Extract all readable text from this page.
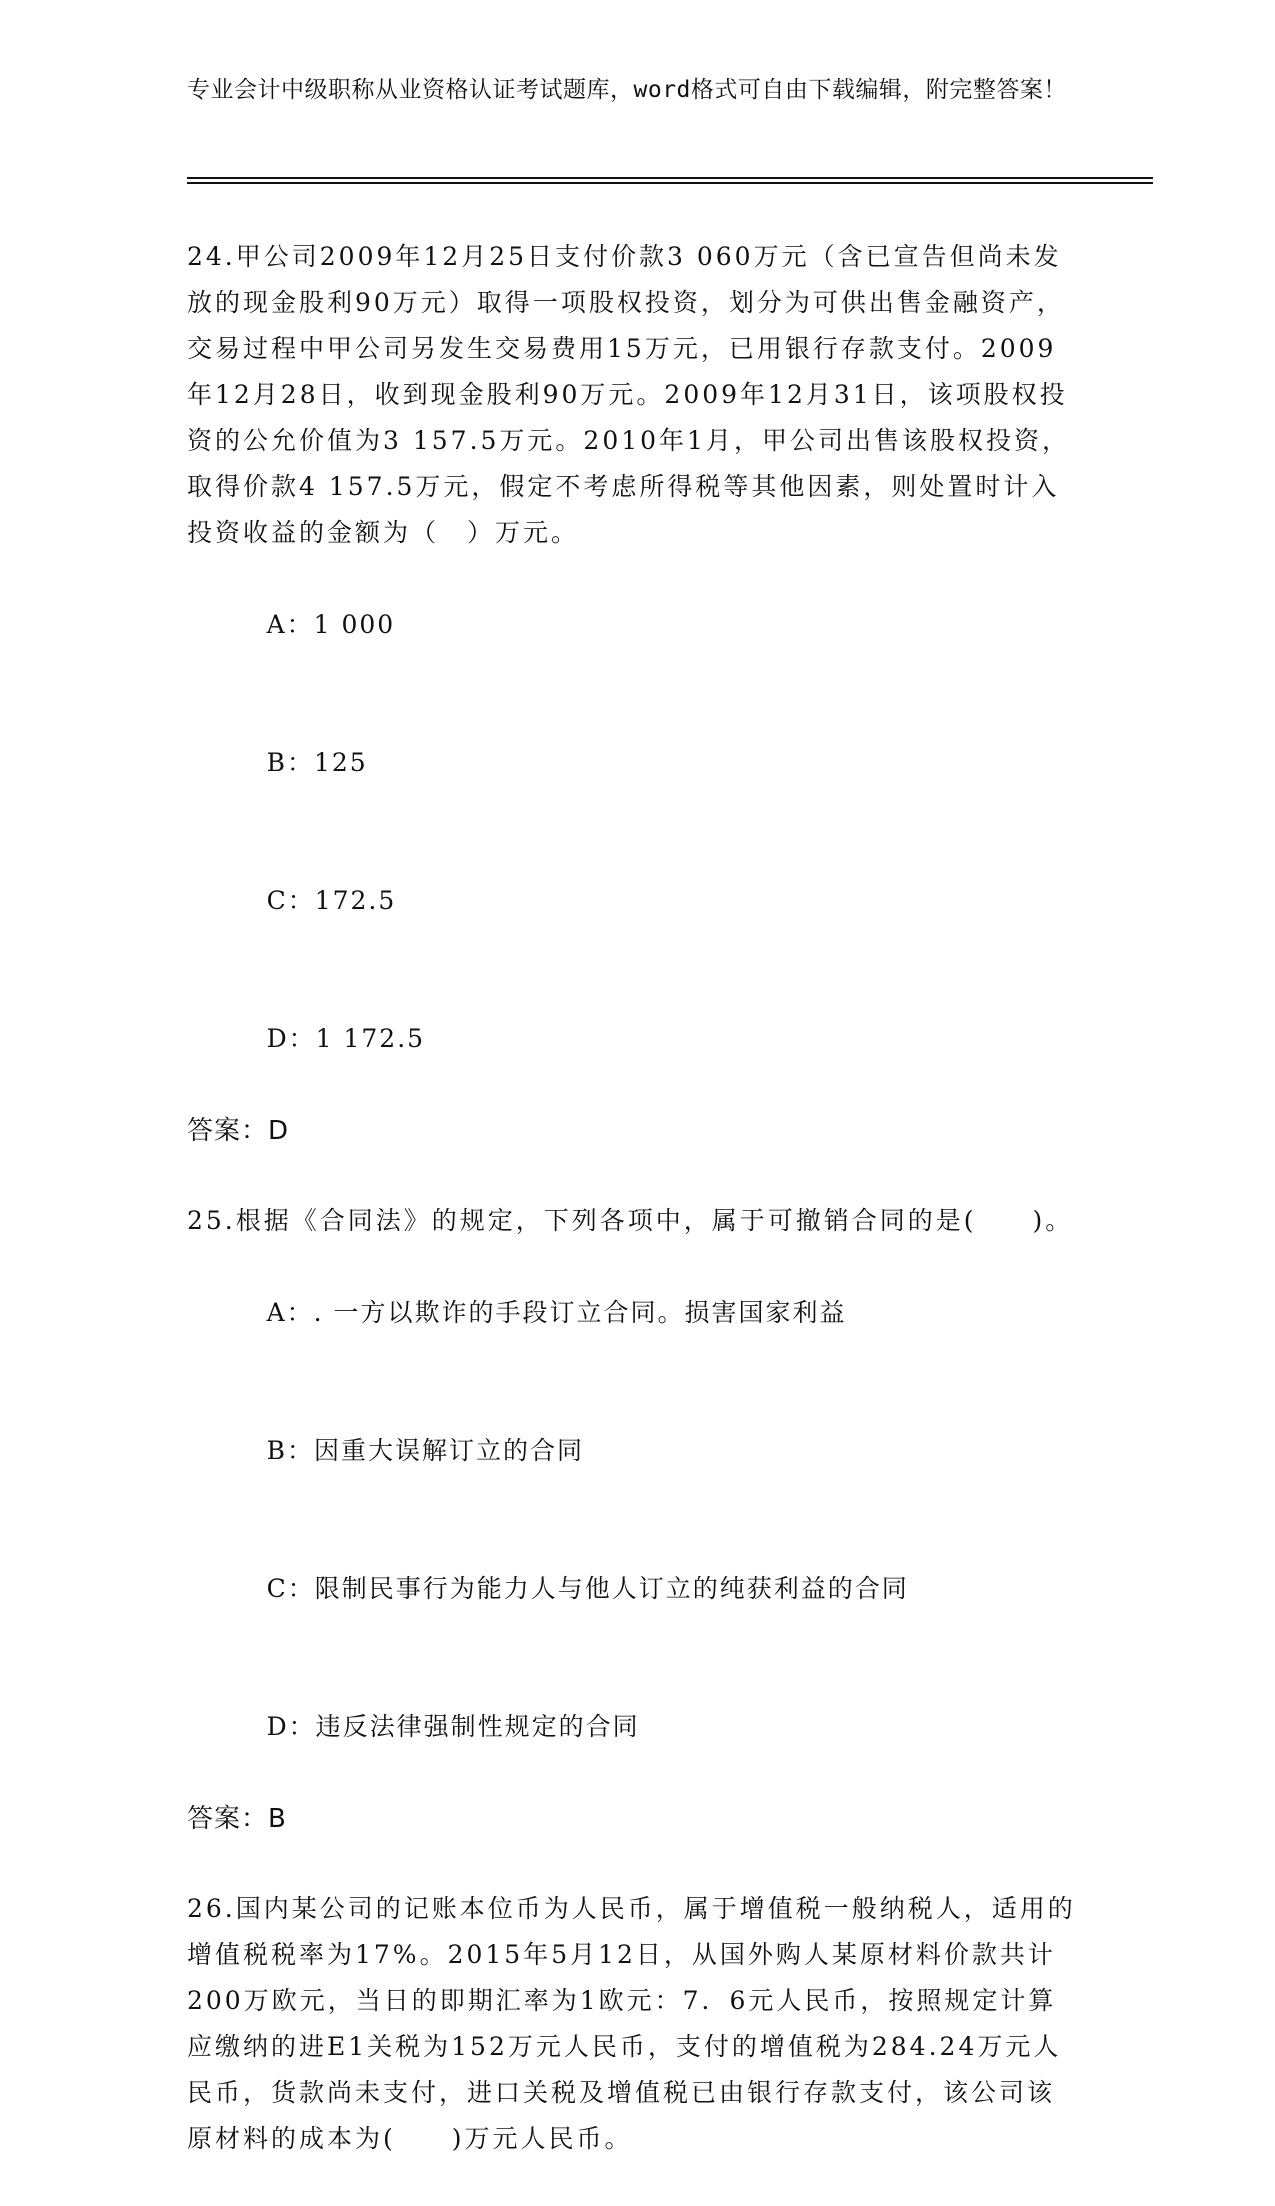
专业会计中级职称从业资格认证考试题库，word格式可自由下载编辑，附完整答案！
24.甲公司2009年12月25日支付价款3 060万元（含已宣告但尚未发放的现金股利90万元）取得一项股权投资，划分为可供出售金融资产，交易过程中甲公司另发生交易费用15万元，已用银行存款支付。2009年12月28日，收到现金股利90万元。2009年12月31日，该项股权投资的公允价值为3 157.5万元。2010年1月，甲公司出售该股权投资，取得价款4 157.5万元，假定不考虑所得税等其他因素，则处置时计入投资收益的金额为（　）万元。

A：1 000

B：125

C：172.5

D：1 172.5

答案：D
25.根据《合同法》的规定，下列各项中，属于可撤销合同的是(　　)。

A：. 一方以欺诈的手段订立合同。损害国家利益

B：因重大误解订立的合同

C：限制民事行为能力人与他人订立的纯获利益的合同

D：违反法律强制性规定的合同

答案：B
26.国内某公司的记账本位币为人民币，属于增值税一般纳税人，适用的增值税税率为17%。2015年5月12日，从国外购人某原材料价款共计200万欧元，当日的即期汇率为1欧元：7．6元人民币，按照规定计算应缴纳的进E1关税为152万元人民币，支付的增值税为284.24万元人民币，货款尚未支付，进口关税及增值税已由银行存款支付，该公司该原材料的成本为(　　)万元人民币。
